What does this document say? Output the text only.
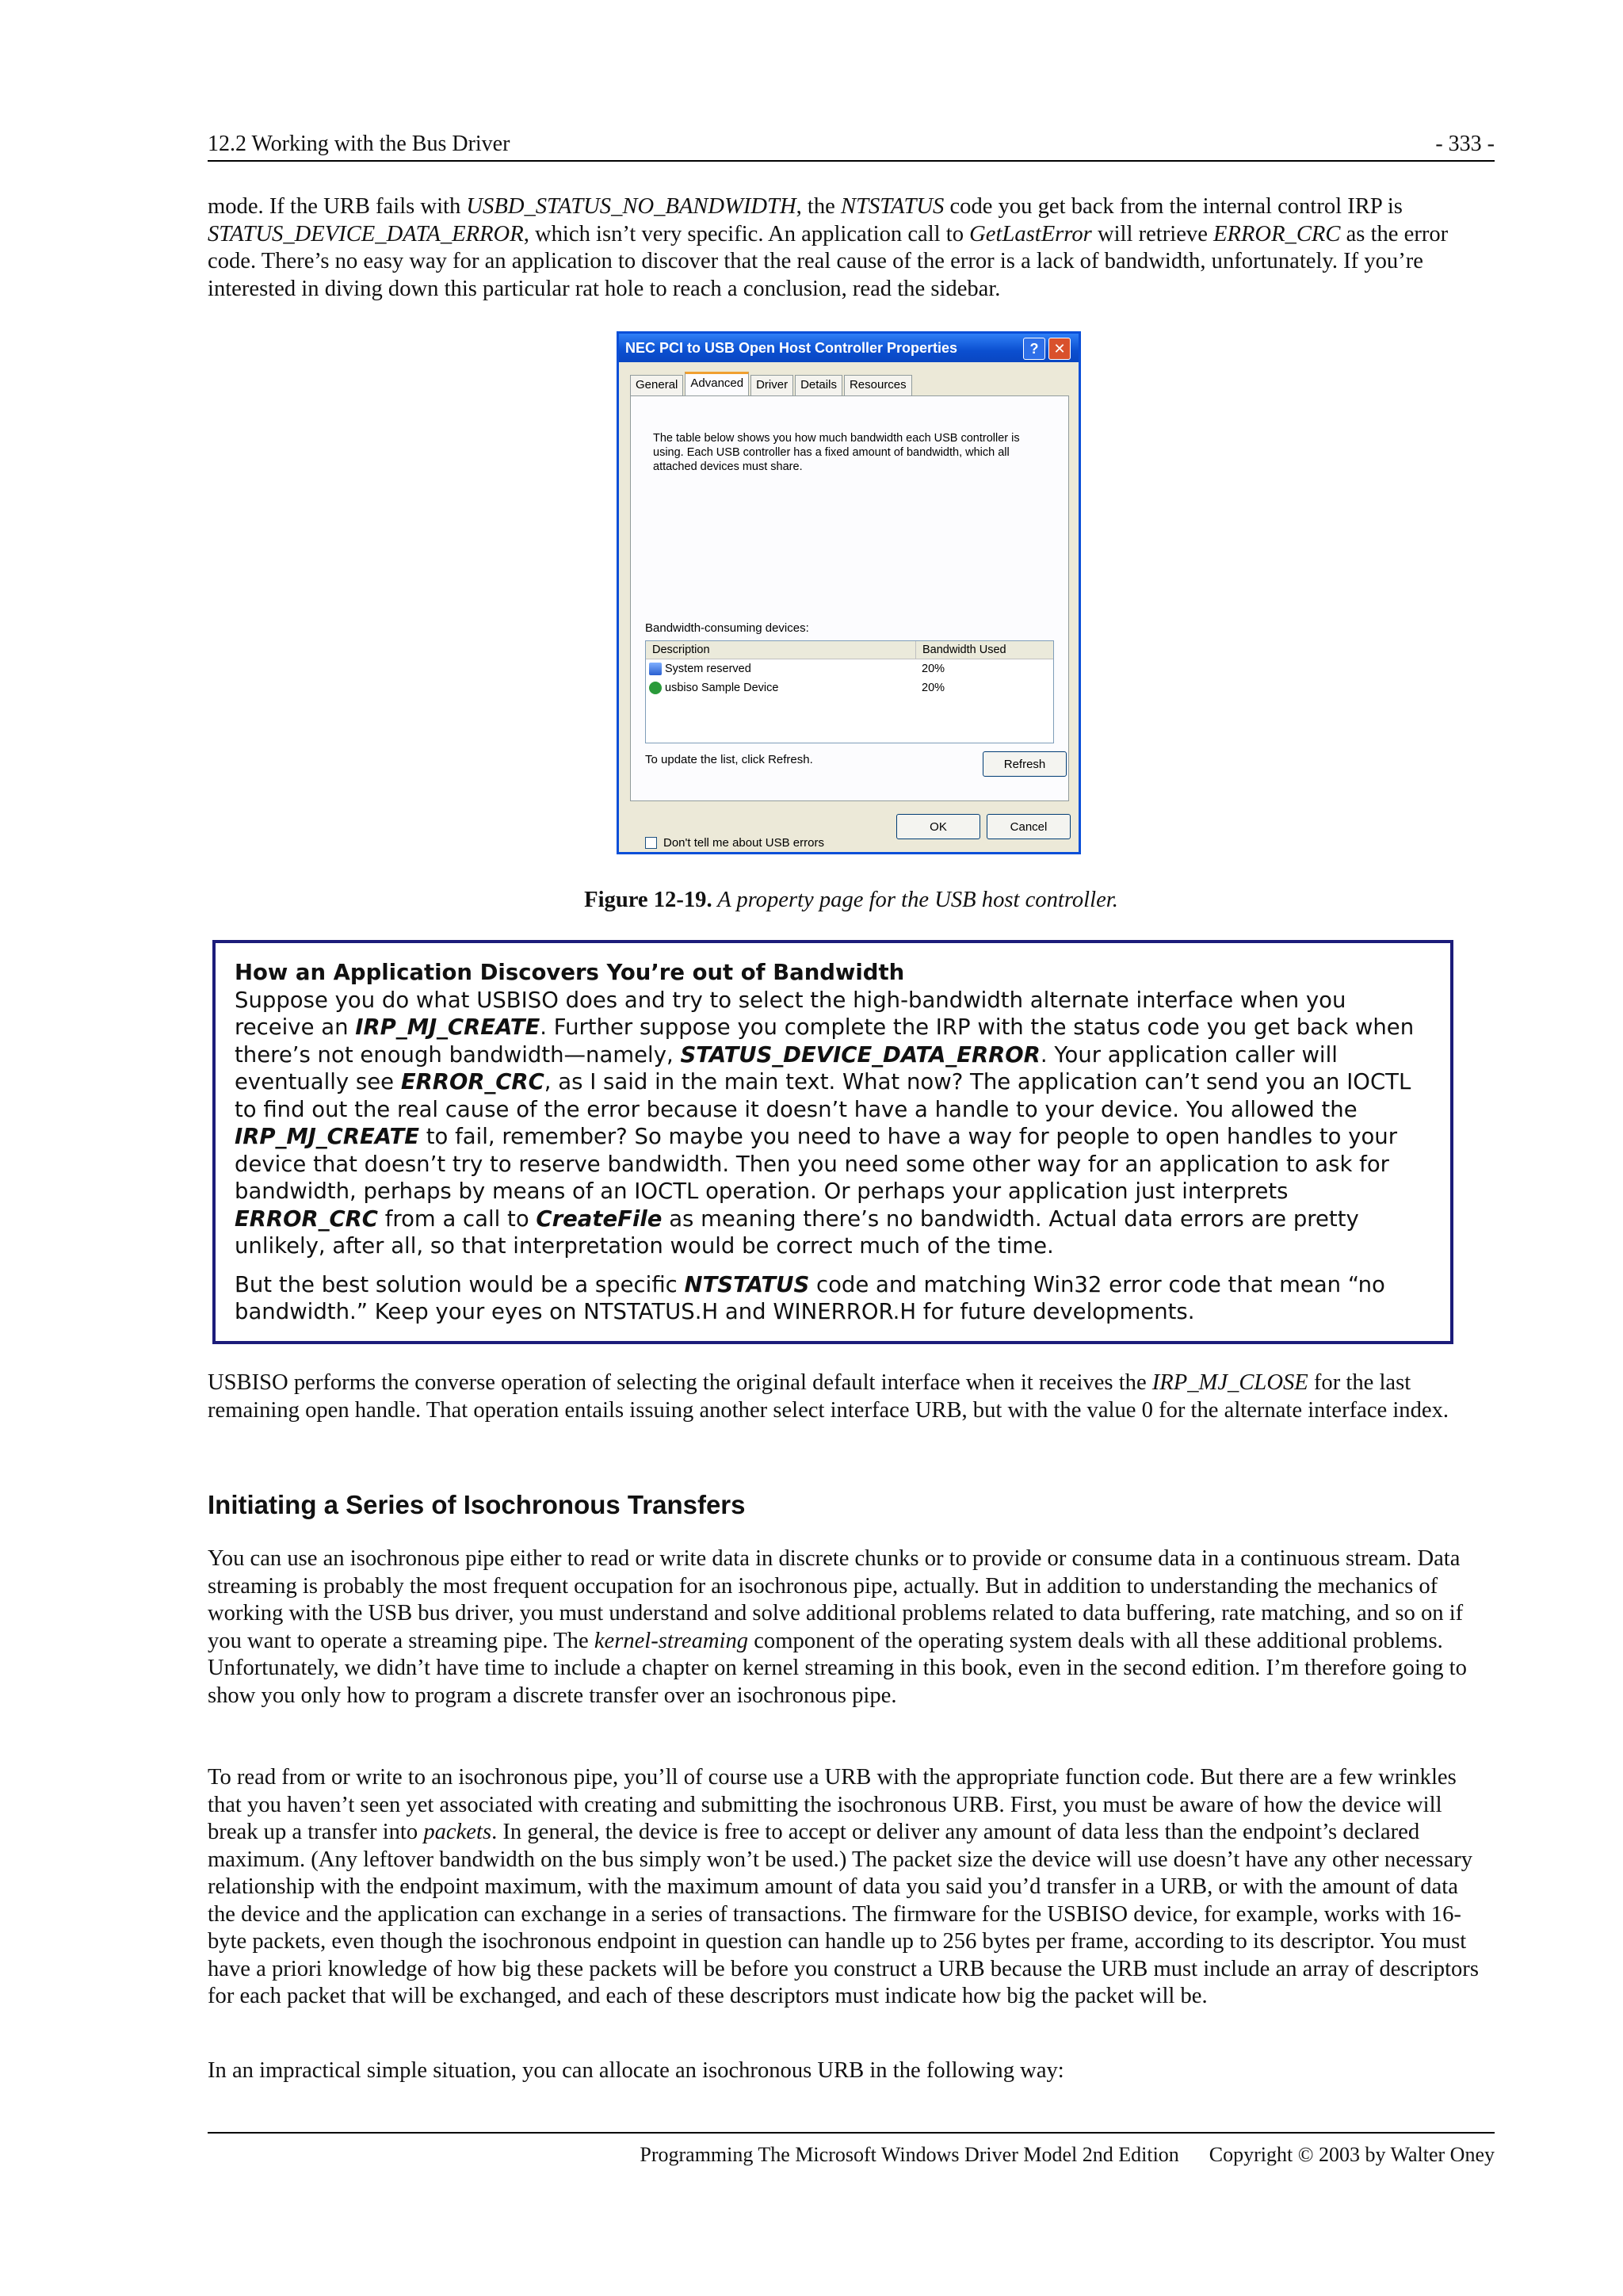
12.2 Working with the Bus Driver	- 333 -

mode. If the URB fails with USBD_STATUS_NO_BANDWIDTH, the NTSTATUS code you get back from the internal control IRP is STATUS_DEVICE_DATA_ERROR, which isn’t very specific. An application call to GetLastError will retrieve ERROR_CRC as the error code. There’s no easy way for an application to discover that the real cause of the error is a lack of bandwidth, unfortunately. If you’re interested in diving down this particular rat hole to reach a conclusion, read the sidebar.

NEC PCI to USB Open Host Controller Properties	? ✕
General	Advanced	Driver	Details	Resources

The table below shows you how much bandwidth each USB controller is using. Each USB controller has a fixed amount of bandwidth, which all attached devices must share.

Bandwidth-consuming devices:
Description	Bandwidth Used
System reserved	20%
usbiso Sample Device	20%
To update the list, click Refresh.	Refresh
Don't tell me about USB errors
OK	Cancel
Figure 12-19. A property page for the USB host controller.
How an Application Discovers You’re out of Bandwidth

Suppose you do what USBISO does and try to select the high-bandwidth alternate interface when you receive an IRP_MJ_CREATE. Further suppose you complete the IRP with the status code you get back when there’s not enough bandwidth—namely, STATUS_DEVICE_DATA_ERROR. Your application caller will eventually see ERROR_CRC, as I said in the main text. What now? The application can’t send you an IOCTL to find out the real cause of the error because it doesn’t have a handle to your device. You allowed the IRP_MJ_CREATE to fail, remember? So maybe you need to have a way for people to open handles to your device that doesn’t try to reserve bandwidth. Then you need some other way for an application to ask for bandwidth, perhaps by means of an IOCTL operation. Or perhaps your application just interprets ERROR_CRC from a call to CreateFile as meaning there’s no bandwidth. Actual data errors are pretty unlikely, after all, so that interpretation would be correct much of the time.

But the best solution would be a specific NTSTATUS code and matching Win32 error code that mean “no bandwidth.” Keep your eyes on NTSTATUS.H and WINERROR.H for future developments.

USBISO performs the converse operation of selecting the original default interface when it receives the IRP_MJ_CLOSE for the last remaining open handle. That operation entails issuing another select interface URB, but with the value 0 for the alternate interface index.

Initiating a Series of Isochronous Transfers

You can use an isochronous pipe either to read or write data in discrete chunks or to provide or consume data in a continuous stream. Data streaming is probably the most frequent occupation for an isochronous pipe, actually. But in addition to understanding the mechanics of working with the USB bus driver, you must understand and solve additional problems related to data buffering, rate matching, and so on if you want to operate a streaming pipe. The kernel-streaming component of the operating system deals with all these additional problems. Unfortunately, we didn’t have time to include a chapter on kernel streaming in this book, even in the second edition. I’m therefore going to show you only how to program a discrete transfer over an isochronous pipe.

To read from or write to an isochronous pipe, you’ll of course use a URB with the appropriate function code. But there are a few wrinkles that you haven’t seen yet associated with creating and submitting the isochronous URB. First, you must be aware of how the device will break up a transfer into packets. In general, the device is free to accept or deliver any amount of data less than the endpoint’s declared maximum. (Any leftover bandwidth on the bus simply won’t be used.) The packet size the device will use doesn’t have any other necessary relationship with the endpoint maximum, with the maximum amount of data you said you’d transfer in a URB, or with the amount of data the device and the application can exchange in a series of transactions. The firmware for the USBISO device, for example, works with 16-byte packets, even though the isochronous endpoint in question can handle up to 256 bytes per frame, according to its descriptor. You must have a priori knowledge of how big these packets will be before you construct a URB because the URB must include an array of descriptors for each packet that will be exchanged, and each of these descriptors must indicate how big the packet will be.

In an impractical simple situation, you can allocate an isochronous URB in the following way:

Programming The Microsoft Windows Driver Model 2nd Edition Copyright © 2003 by Walter Oney
